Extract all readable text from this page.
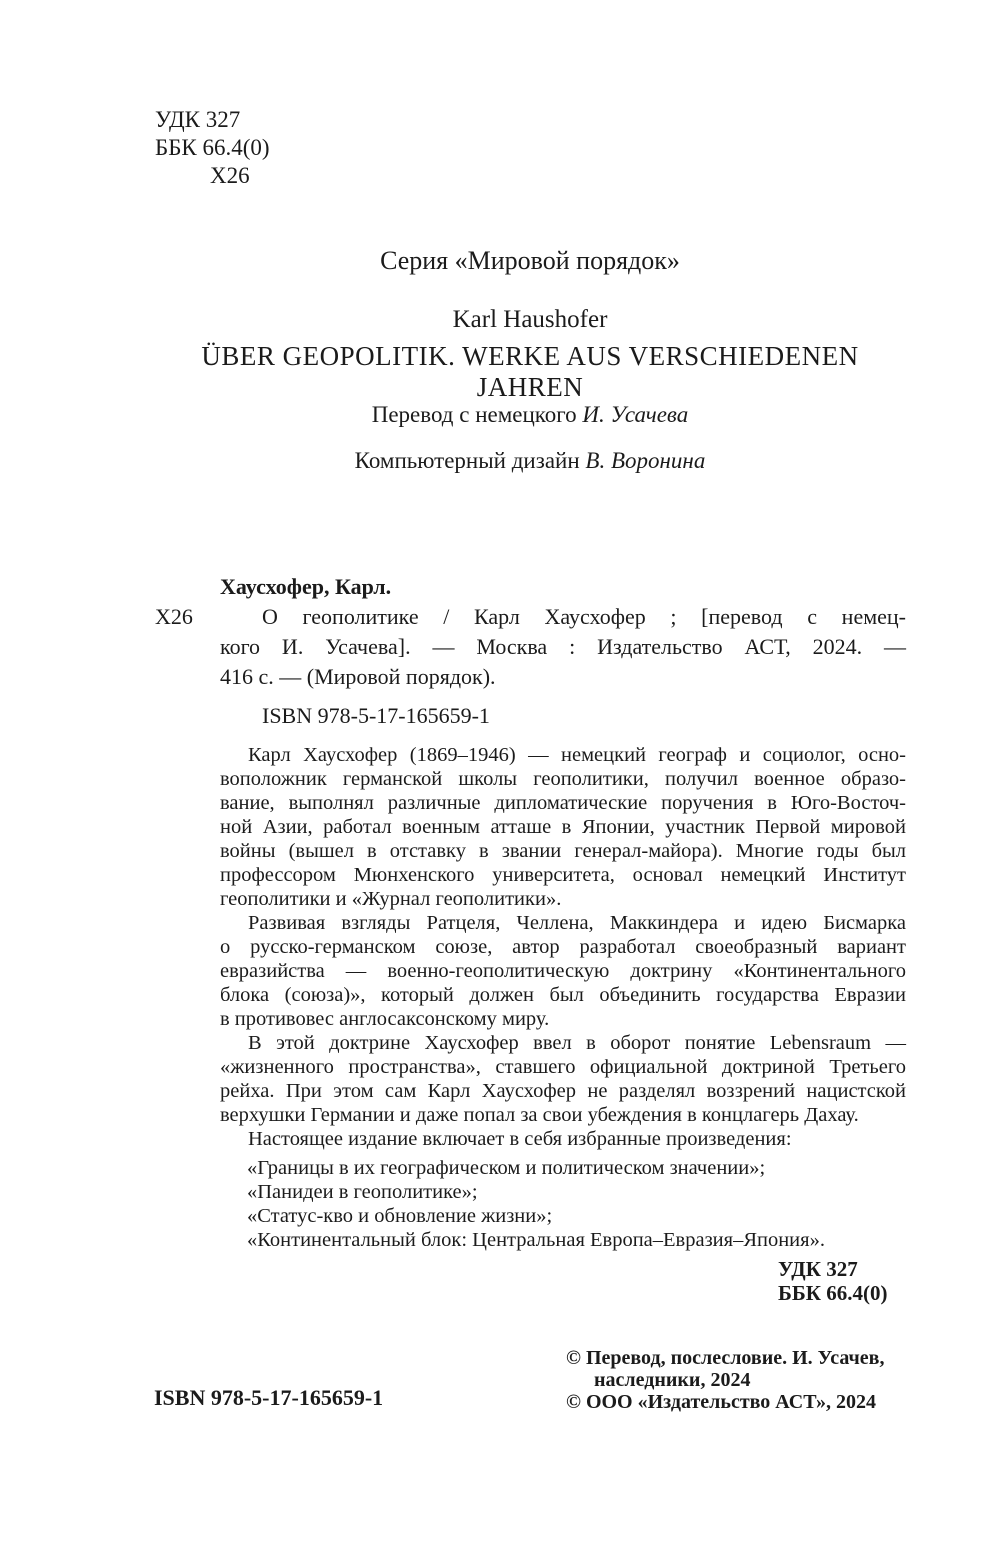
УДК 327
ББК 66.4(0)
Х26
Серия «Мировой порядок»
Karl Haushofer
ÜBER GEOPOLITIK. WERKE AUS VERSCHIEDENEN JAHREN
Перевод с немецкого И. Усачева
Компьютерный дизайн В. Воронина
Хаусхофер, Карл.
Х26	О геополитике / Карл Хаусхофер ; [перевод с немец-
кого И. Усачева]. — Москва : Издательство АСТ, 2024. —
416 с. — (Мировой порядок).
ISBN 978-5-17-165659-1
Карл Хаусхофер (1869–1946) — немецкий географ и социолог, осно-
воположник германской школы геополитики, получил военное образо-
вание, выполнял различные дипломатические поручения в Юго-Восточ-
ной Азии, работал военным атташе в Японии, участник Первой мировой
войны (вышел в отставку в звании генерал-майора). Многие годы был
профессором Мюнхенского университета, основал немецкий Институт
геополитики и «Журнал геополитики».
Развивая взгляды Ратцеля, Челлена, Маккиндера и идею Бисмарка
о русско-германском союзе, автор разработал своеобразный вариант
евразийства — военно-геополитическую доктрину «Континентального
блока (союза)», который должен был объединить государства Евразии
в противовес англосаксонскому миру.
В этой доктрине Хаусхофер ввел в оборот понятие Lebensraum —
«жизненного пространства», ставшего официальной доктриной Третьего
рейха. При этом сам Карл Хаусхофер не разделял воззрений нацистской
верхушки Германии и даже попал за свои убеждения в концлагерь Дахау.
Настоящее издание включает в себя избранные произведения:
«Границы в их географическом и политическом значении»;
«Панидеи в геополитике»;
«Статус-кво и обновление жизни»;
«Континентальный блок: Центральная Европа–Евразия–Япония».
УДК 327
ББК 66.4(0)
ISBN 978-5-17-165659-1
© Перевод, послесловие. И. Усачев,
наследники, 2024
© ООО «Издательство АСТ», 2024
